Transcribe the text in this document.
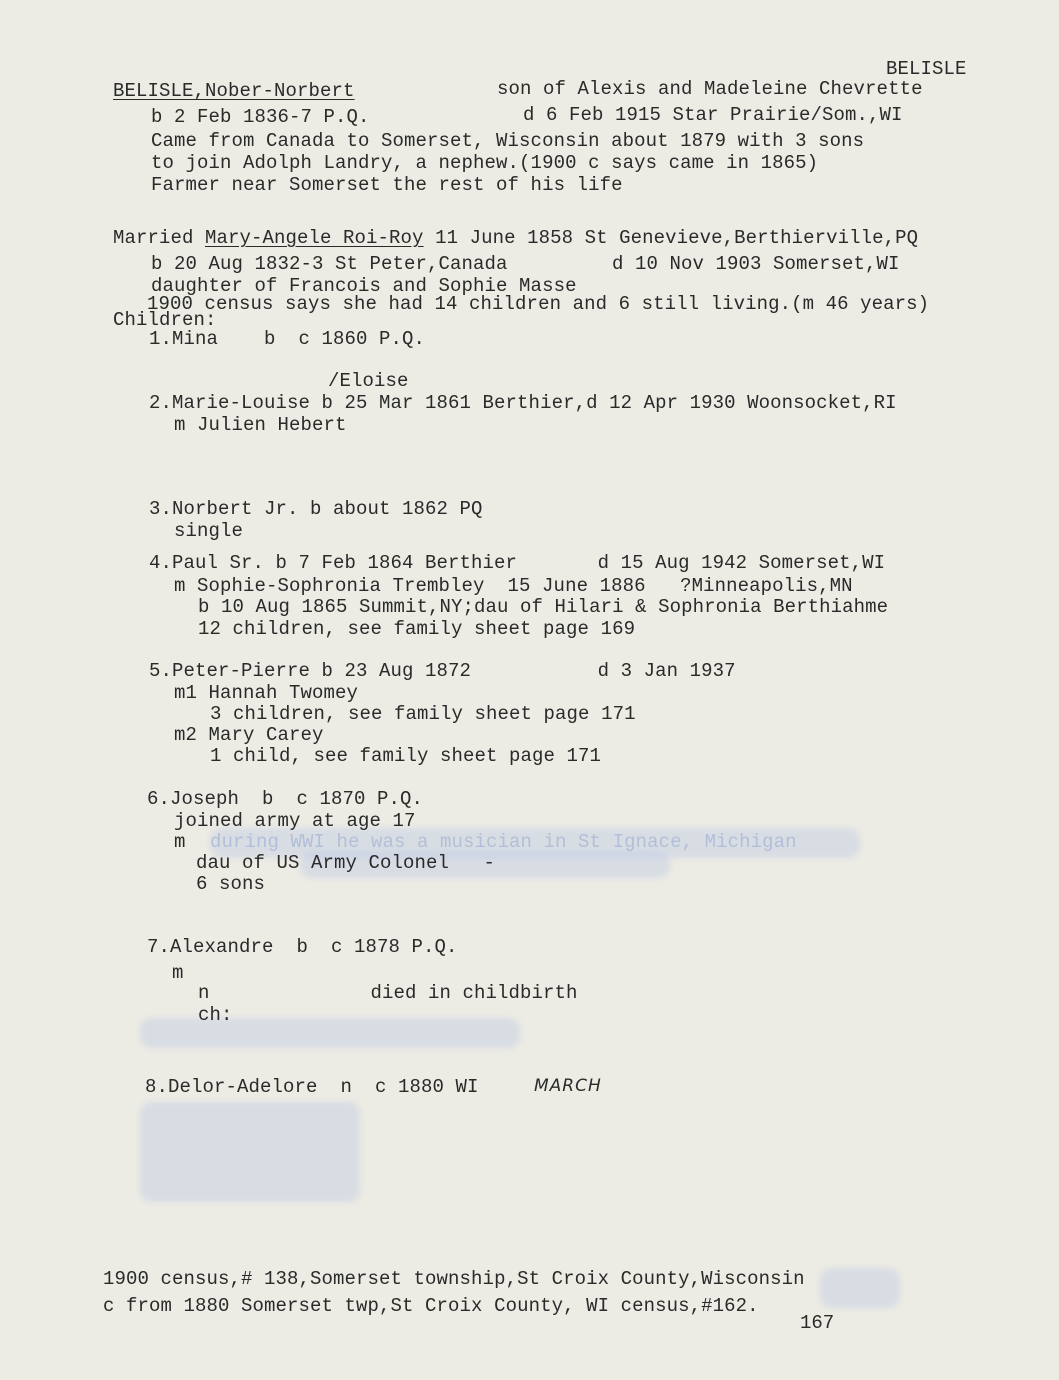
BELISLE
BELISLE,Nober-Norbert	son of Alexis and Madeleine Chevrette
b 2 Feb 1836-7 P.Q.	d 6 Feb 1915 Star Prairie/Som.,WI
Came from Canada to Somerset, Wisconsin about 1879 with 3 sons
to join Adolph Landry, a nephew.(1900 c says came in 1865)
Farmer near Somerset the rest of his life
Married Mary-Angele Roi-Roy 11 June 1858 St Genevieve,Berthierville,PQ
b 20 Aug 1832-3 St Peter,Canada	d 10 Nov 1903 Somerset,WI
daughter of Francois and Sophie Masse
1900 census says she had 14 children and 6 still living.(m 46 years)
Children:
1.Mina    b  c 1860 P.Q.
/Eloise
2.Marie-Louise b 25 Mar 1861 Berthier,d 12 Apr 1930 Woonsocket,RI
m Julien Hebert
3.Norbert Jr. b about 1862 PQ
single
4.Paul Sr. b 7 Feb 1864 Berthier       d 15 Aug 1942 Somerset,WI
m Sophie-Sophronia Trembley  15 June 1886   ?Minneapolis,MN
b 10 Aug 1865 Summit,NY;dau of Hilari & Sophronia Berthiahme
12 children, see family sheet page 169
5.Peter-Pierre b 23 Aug 1872           d 3 Jan 1937
m1 Hannah Twomey
3 children, see family sheet page 171
m2 Mary Carey
1 child, see family sheet page 171
6.Joseph  b  c 1870 P.Q.
joined army at age 17
m during WWI he was a musician in St Ignace, Michigan
dau of US Army Colonel   -
6 sons
7.Alexandre  b  c 1878 P.Q.
m
n              died in childbirth
ch:
8.Delor-Adelore  n  c 1880 WI	MARCH
1900 census,# 138,Somerset township,St Croix County,Wisconsin
c from 1880 Somerset twp,St Croix County, WI census,#162.
167
